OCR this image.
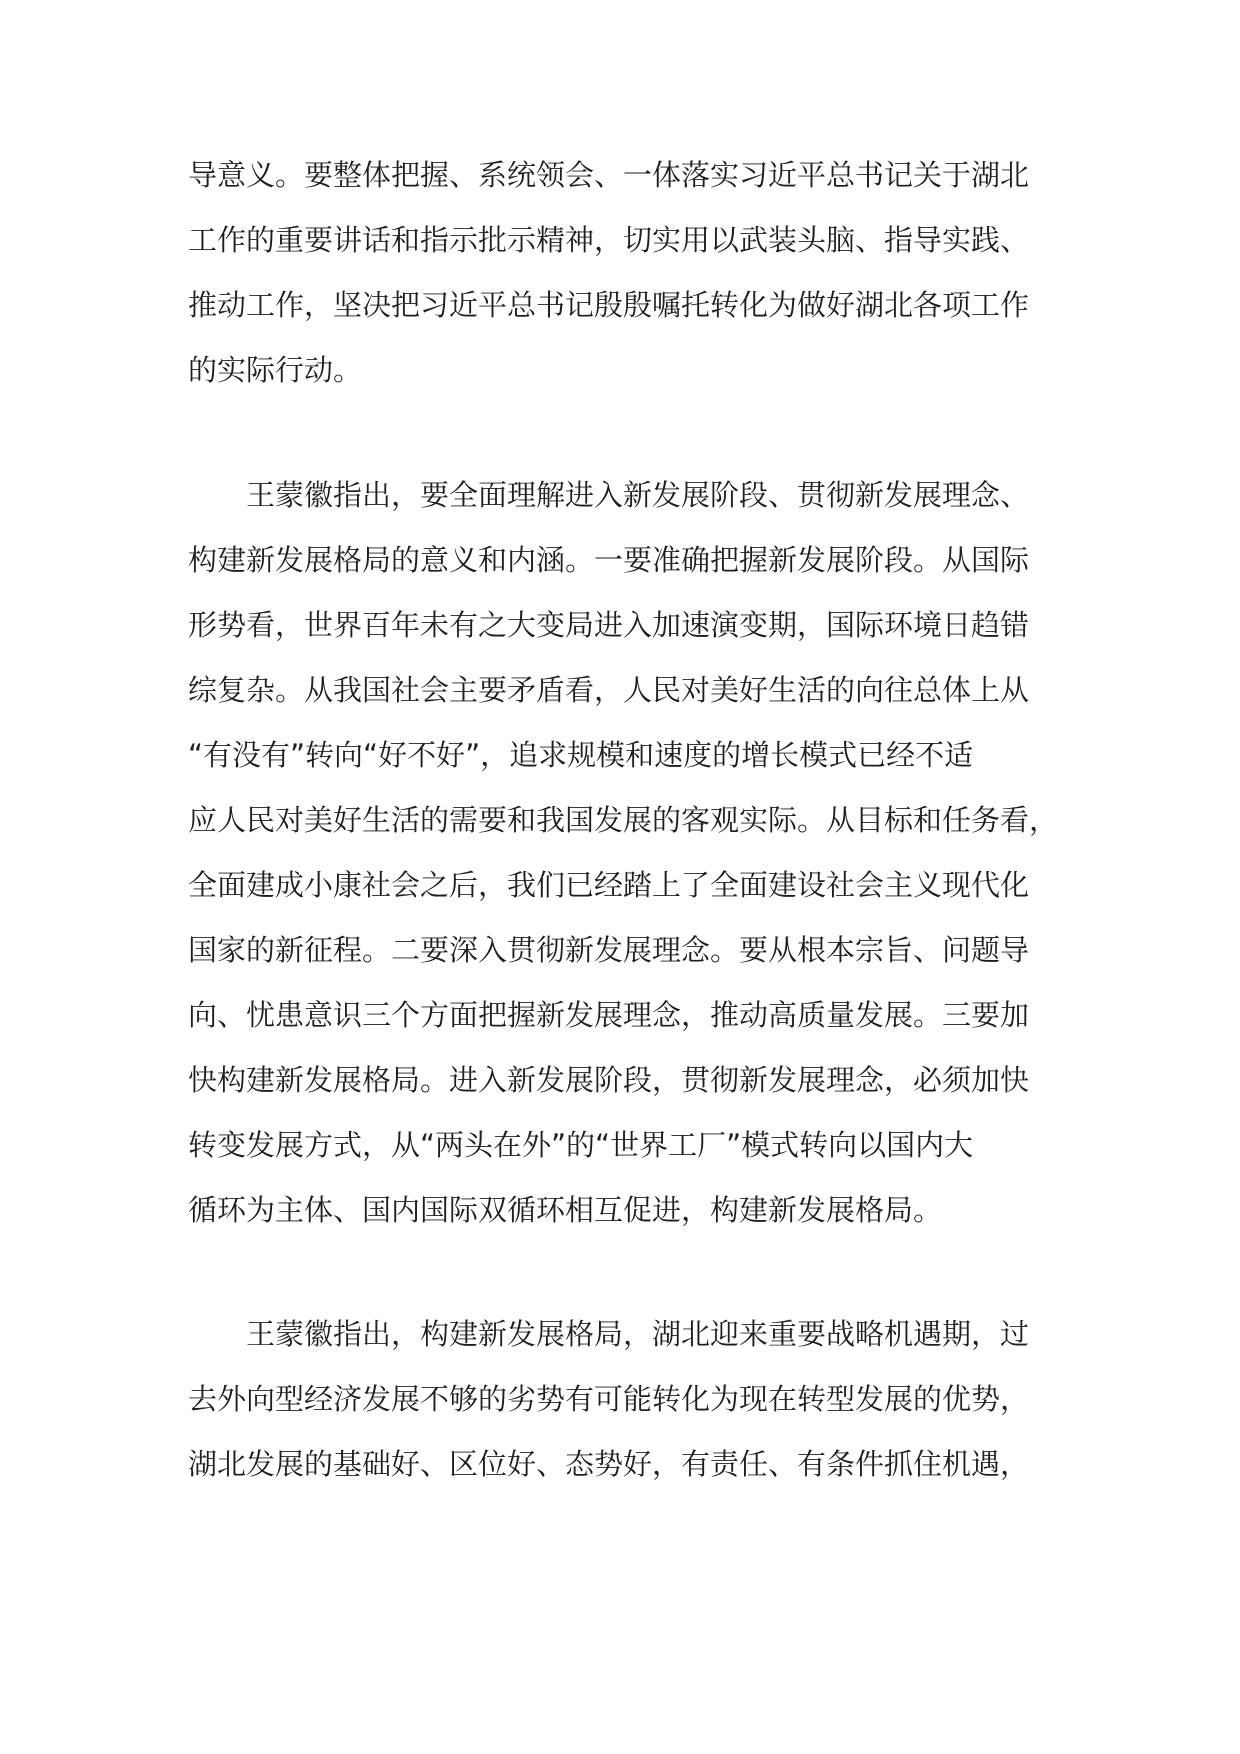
导意义。要整体把握、系统领会、一体落实习近平总书记关于湖北
工作的重要讲话和指示批示精神，切实用以武装头脑、指导实践、
推动工作，坚决把习近平总书记殷殷嘱托转化为做好湖北各项工作
的实际行动。
王蒙徽指出，要全面理解进入新发展阶段、贯彻新发展理念、
构建新发展格局的意义和内涵。一要准确把握新发展阶段。从国际
形势看，世界百年未有之大变局进入加速演变期，国际环境日趋错
综复杂。从我国社会主要矛盾看，人民对美好生活的向往总体上从
“有没有”转向“好不好”，追求规模和速度的增长模式已经不适
应人民对美好生活的需要和我国发展的客观实际。从目标和任务看，
全面建成小康社会之后，我们已经踏上了全面建设社会主义现代化
国家的新征程。二要深入贯彻新发展理念。要从根本宗旨、问题导
向、忧患意识三个方面把握新发展理念，推动高质量发展。三要加
快构建新发展格局。进入新发展阶段，贯彻新发展理念，必须加快
转变发展方式，从“两头在外”的“世界工厂”模式转向以国内大
循环为主体、国内国际双循环相互促进，构建新发展格局。
王蒙徽指出，构建新发展格局，湖北迎来重要战略机遇期，过
去外向型经济发展不够的劣势有可能转化为现在转型发展的优势，
湖北发展的基础好、区位好、态势好，有责任、有条件抓住机遇，
